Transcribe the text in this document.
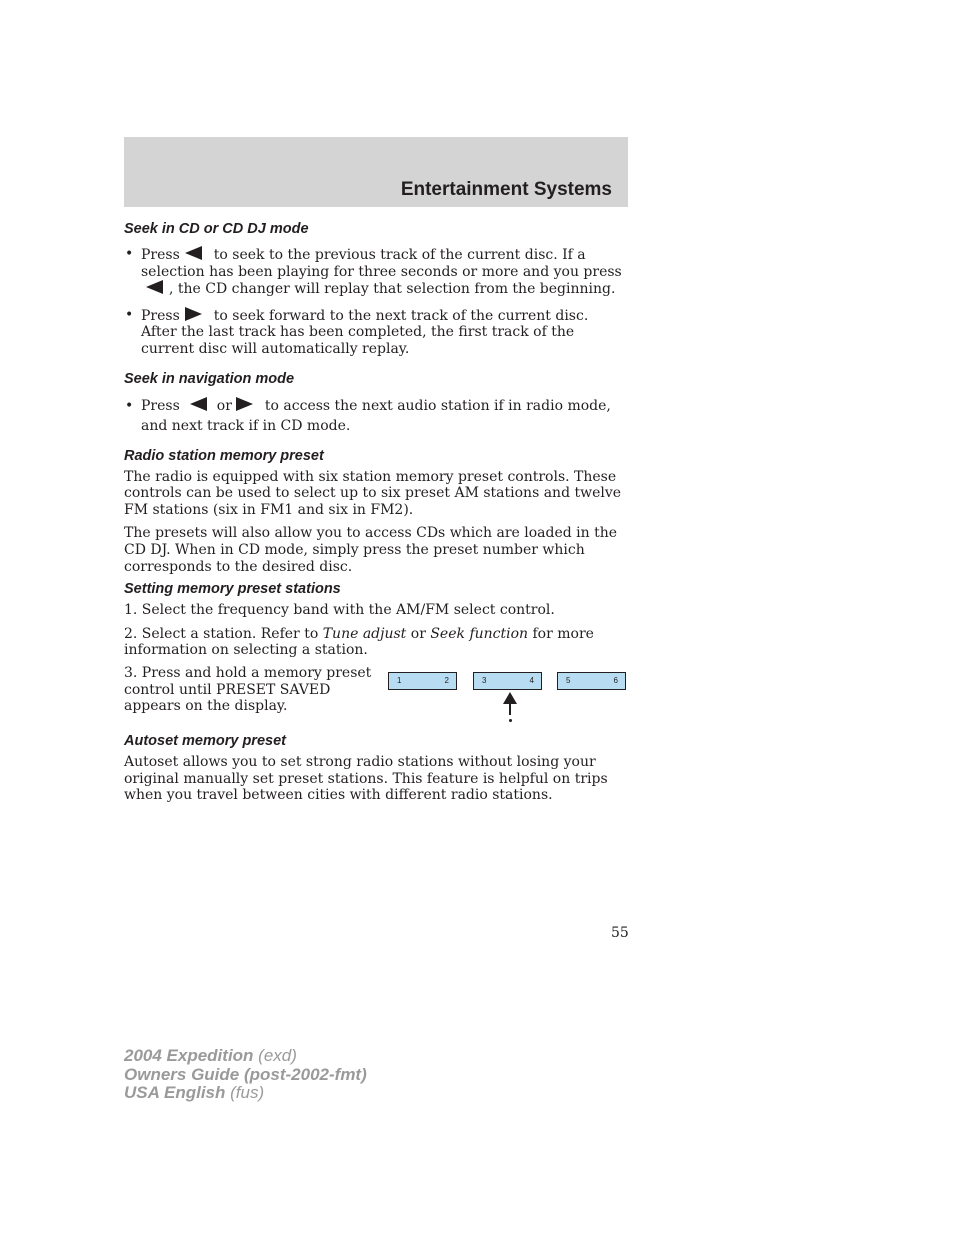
Entertainment Systems
Seek in CD or CD DJ mode
• Press to seek to the previous track of the current disc. If a selection has been playing for three seconds or more and you press, the CD changer will replay that selection from the beginning.
• Press to seek forward to the next track of the current disc. After the last track has been completed, the first track of the current disc will automatically replay.
Seek in navigation mode
• Press	or to access the next audio station if in radio mode, and next track if in CD mode.
Radio station memory preset

The radio is equipped with six station memory preset controls. These controls can be used to select up to six preset AM stations and twelve FM stations (six in FM1 and six in FM2).

The presets will also allow you to access CDs which are loaded in the CD DJ. When in CD mode, simply press the preset number which corresponds to the desired disc.

Setting memory preset stations

1. Select the frequency band with the AM/FM select control.

2. Select a station. Refer to Tune adjust or Seek function for more information on selecting a station.

3. Press and hold a memory preset control until PRESET SAVED appears on the display.

1	2	3	4	5	6
Autoset memory preset

Autoset allows you to set strong radio stations without losing your original manually set preset stations. This feature is helpful on trips when you travel between cities with different radio stations.

55
2004 Expedition (exd)
Owners Guide (post-2002-fmt)
USA English (fus)
